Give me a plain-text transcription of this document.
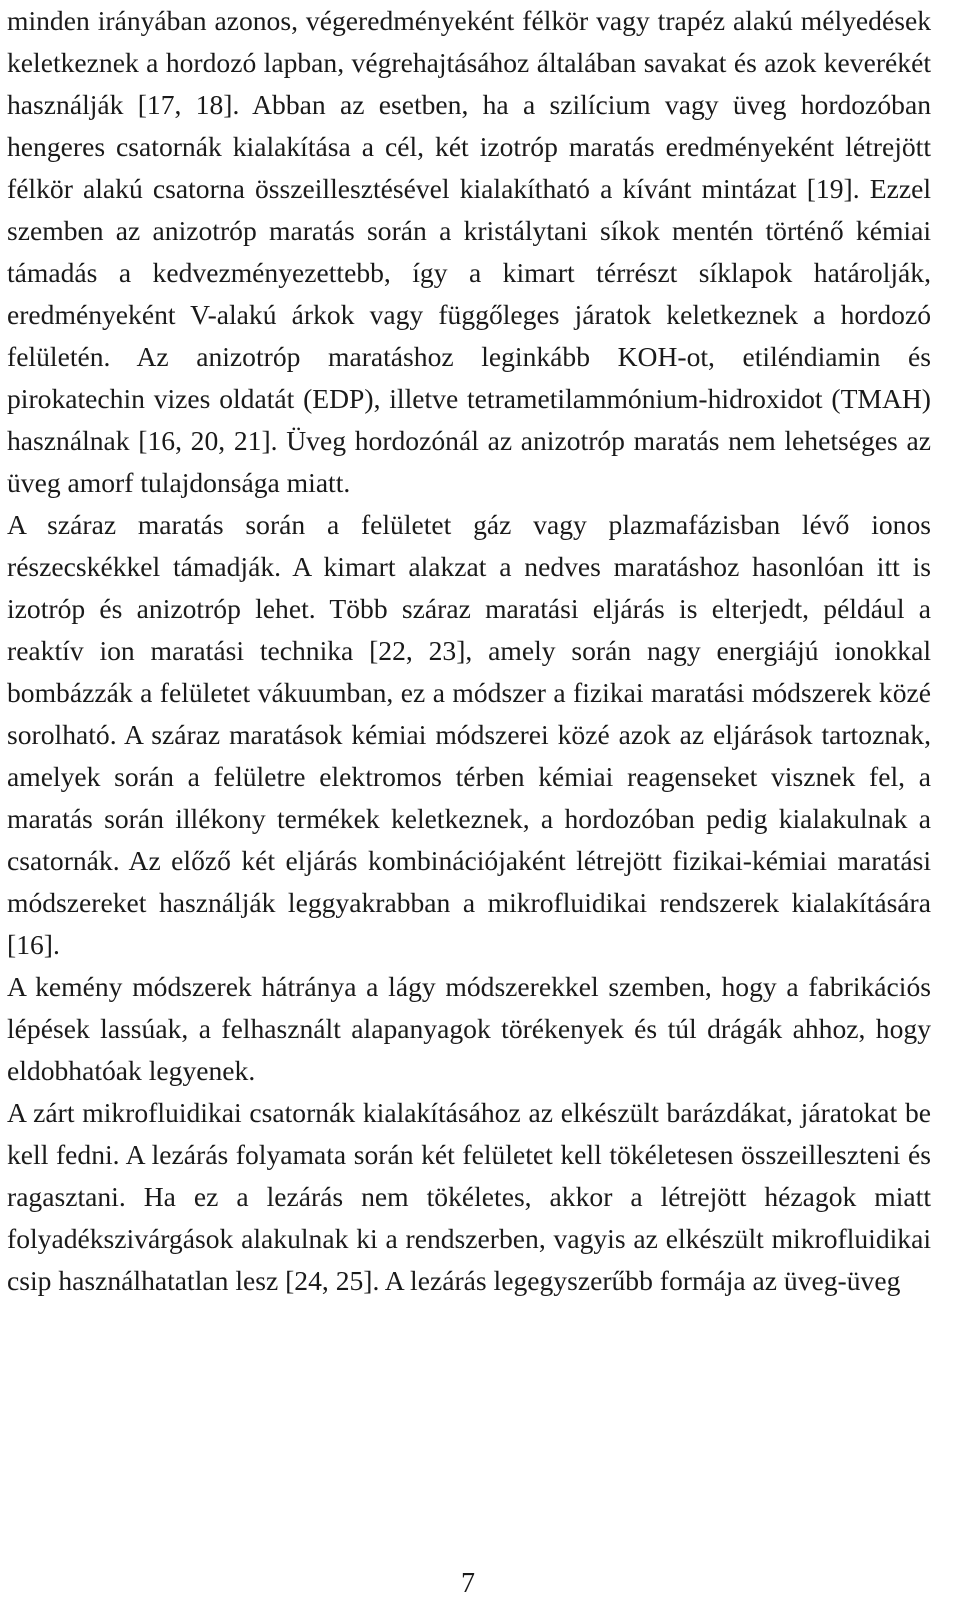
minden irányában azonos, végeredményeként félkör vagy trapéz alakú mélyedések keletkeznek a hordozó lapban, végrehajtásához általában savakat és azok keverékét használják [17, 18]. Abban az esetben, ha a szilícium vagy üveg hordozóban hengeres csatornák kialakítása a cél, két izotróp maratás eredményeként létrejött félkör alakú csatorna összeillesztésével kialakítható a kívánt mintázat [19]. Ezzel szemben az anizotróp maratás során a kristálytani síkok mentén történő kémiai támadás a kedvezményezettebb, így a kimart térrészt síklapok határolják, eredményeként V-alakú árkok vagy függőleges járatok keletkeznek a hordozó felületén. Az anizotróp maratáshoz leginkább KOH-ot, etiléndiamin és pirokatechin vizes oldatát (EDP), illetve tetrametilammónium-hidroxidot (TMAH) használnak [16, 20, 21]. Üveg hordozónál az anizotróp maratás nem lehetséges az üveg amorf tulajdonsága miatt.

A száraz maratás során a felületet gáz vagy plazmafázisban lévő ionos részecskékkel támadják. A kimart alakzat a nedves maratáshoz hasonlóan itt is izotróp és anizotróp lehet. Több száraz maratási eljárás is elterjedt, például a reaktív ion maratási technika [22, 23], amely során nagy energiájú ionokkal bombázzák a felületet vákuumban, ez a módszer a fizikai maratási módszerek közé sorolható. A száraz maratások kémiai módszerei közé azok az eljárások tartoznak, amelyek során a felületre elektromos térben kémiai reagenseket visznek fel, a maratás során illékony termékek keletkeznek, a hordozóban pedig kialakulnak a csatornák. Az előző két eljárás kombinációjaként létrejött fizikai-kémiai maratási módszereket használják leggyakrabban a mikrofluidikai rendszerek kialakítására [16].

A kemény módszerek hátránya a lágy módszerekkel szemben, hogy a fabrikációs lépések lassúak, a felhasznált alapanyagok törékenyek és túl drágák ahhoz, hogy eldobhatóak legyenek.

A zárt mikrofluidikai csatornák kialakításához az elkészült barázdákat, járatokat be kell fedni. A lezárás folyamata során két felületet kell tökéletesen összeilleszteni és ragasztani. Ha ez a lezárás nem tökéletes, akkor a létrejött hézagok miatt folyadékszivárgások alakulnak ki a rendszerben, vagyis az elkészült mikrofluidikai csip használhatatlan lesz [24, 25]. A lezárás legegyszerűbb formája az üveg-üveg

7
